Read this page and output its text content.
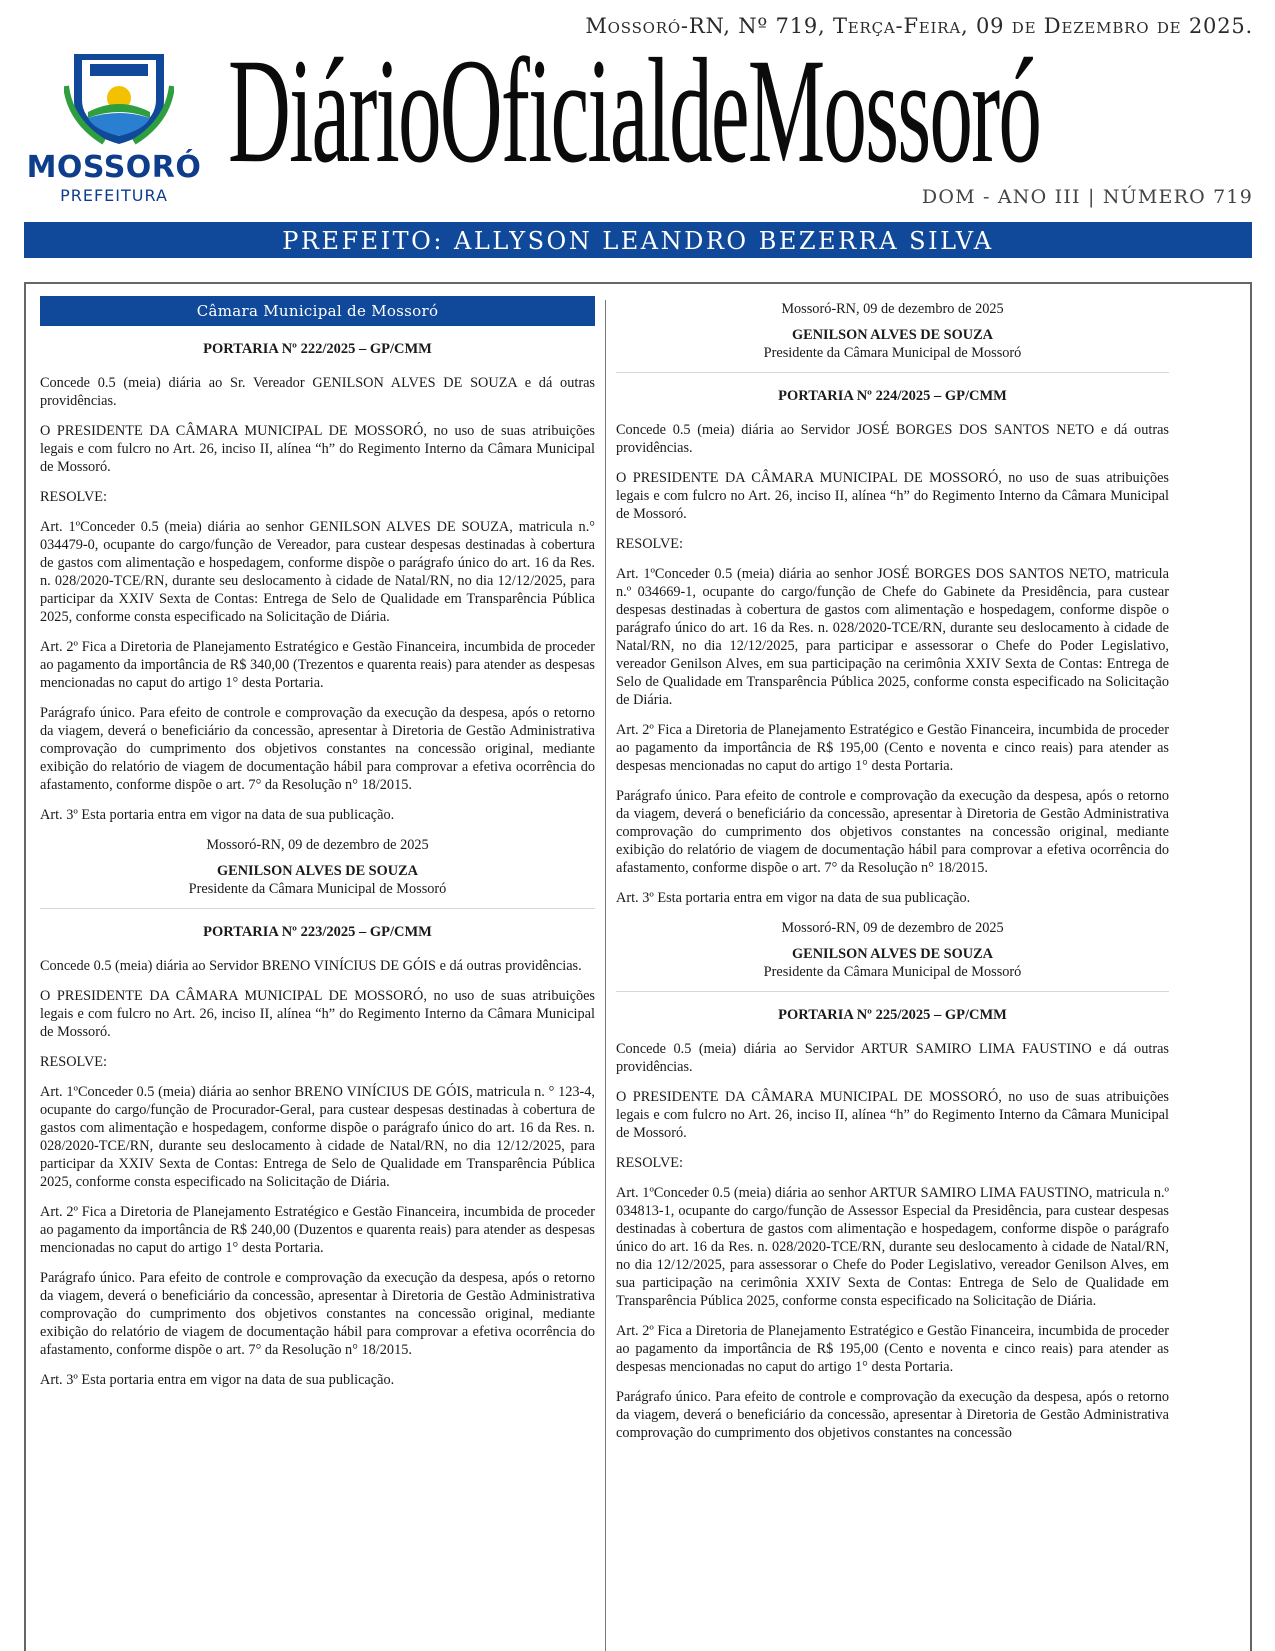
Mossoró-RN, Nº 719, Terça-Feira, 09 de Dezembro de 2025.
MOSSORÓ
PREFEITURA
DiárioOficialdeMossoró
DOM - ANO III | NÚMERO 719
PREFEITO: ALLYSON LEANDRO BEZERRA SILVA
Câmara Municipal de Mossoró
PORTARIA Nº 222/2025 – GP/CMM

Concede 0.5 (meia) diária ao Sr. Vereador GENILSON ALVES DE SOUZA e dá outras providências.

O PRESIDENTE DA CÂMARA MUNICIPAL DE MOSSORÓ, no uso de suas atribuições legais e com fulcro no Art. 26, inciso II, alínea “h” do Regimento Interno da Câmara Municipal de Mossoró.

RESOLVE:

Art. 1ºConceder 0.5 (meia) diária ao senhor GENILSON ALVES DE SOUZA, matricula n.° 034479-0, ocupante do cargo/função de Vereador, para custear despesas destinadas à cobertura de gastos com alimentação e hospedagem, conforme dispõe o parágrafo único do art. 16 da Res. n. 028/2020-TCE/RN, durante seu deslocamento à cidade de Natal/RN, no dia 12/12/2025, para participar da XXIV Sexta de Contas: Entrega de Selo de Qualidade em Transparência Pública 2025, conforme consta especificado na Solicitação de Diária.

Art. 2º Fica a Diretoria de Planejamento Estratégico e Gestão Financeira, incumbida de proceder ao pagamento da importância de R$ 340,00 (Trezentos e quarenta reais) para atender as despesas mencionadas no caput do artigo 1° desta Portaria.

Parágrafo único. Para efeito de controle e comprovação da execução da despesa, após o retorno da viagem, deverá o beneficiário da concessão, apresentar à Diretoria de Gestão Administrativa comprovação do cumprimento dos objetivos constantes na concessão original, mediante exibição do relatório de viagem de documentação hábil para comprovar a efetiva ocorrência do afastamento, conforme dispõe o art. 7° da Resolução n° 18/2015.

Art. 3º Esta portaria entra em vigor na data de sua publicação.

Mossoró-RN, 09 de dezembro de 2025

GENILSON ALVES DE SOUZA

Presidente da Câmara Municipal de Mossoró

PORTARIA Nº 223/2025 – GP/CMM

Concede 0.5 (meia) diária ao Servidor BRENO VINÍCIUS DE GÓIS e dá outras providências.

O PRESIDENTE DA CÂMARA MUNICIPAL DE MOSSORÓ, no uso de suas atribuições legais e com fulcro no Art. 26, inciso II, alínea “h” do Regimento Interno da Câmara Municipal de Mossoró.

RESOLVE:

Art. 1ºConceder 0.5 (meia) diária ao senhor BRENO VINÍCIUS DE GÓIS, matricula n. ° 123-4, ocupante do cargo/função de Procurador-Geral, para custear despesas destinadas à cobertura de gastos com alimentação e hospedagem, conforme dispõe o parágrafo único do art. 16 da Res. n. 028/2020-TCE/RN, durante seu deslocamento à cidade de Natal/RN, no dia 12/12/2025, para participar da XXIV Sexta de Contas: Entrega de Selo de Qualidade em Transparência Pública 2025, conforme consta especificado na Solicitação de Diária.

Art. 2º Fica a Diretoria de Planejamento Estratégico e Gestão Financeira, incumbida de proceder ao pagamento da importância de R$ 240,00 (Duzentos e quarenta reais) para atender as despesas mencionadas no caput do artigo 1° desta Portaria.

Parágrafo único. Para efeito de controle e comprovação da execução da despesa, após o retorno da viagem, deverá o beneficiário da concessão, apresentar à Diretoria de Gestão Administrativa comprovação do cumprimento dos objetivos constantes na concessão original, mediante exibição do relatório de viagem de documentação hábil para comprovar a efetiva ocorrência do afastamento, conforme dispõe o art. 7° da Resolução n° 18/2015.

Art. 3º Esta portaria entra em vigor na data de sua publicação.

Mossoró-RN, 09 de dezembro de 2025

GENILSON ALVES DE SOUZA

Presidente da Câmara Municipal de Mossoró

PORTARIA Nº 224/2025 – GP/CMM

Concede 0.5 (meia) diária ao Servidor JOSÉ BORGES DOS SANTOS NETO e dá outras providências.

O PRESIDENTE DA CÂMARA MUNICIPAL DE MOSSORÓ, no uso de suas atribuições legais e com fulcro no Art. 26, inciso II, alínea “h” do Regimento Interno da Câmara Municipal de Mossoró.

RESOLVE:

Art. 1ºConceder 0.5 (meia) diária ao senhor JOSÉ BORGES DOS SANTOS NETO, matricula n.º 034669-1, ocupante do cargo/função de Chefe do Gabinete da Presidência, para custear despesas destinadas à cobertura de gastos com alimentação e hospedagem, conforme dispõe o parágrafo único do art. 16 da Res. n. 028/2020-TCE/RN, durante seu deslocamento à cidade de Natal/RN, no dia 12/12/2025, para participar e assessorar o Chefe do Poder Legislativo, vereador Genilson Alves, em sua participação na cerimônia XXIV Sexta de Contas: Entrega de Selo de Qualidade em Transparência Pública 2025, conforme consta especificado na Solicitação de Diária.

Art. 2º Fica a Diretoria de Planejamento Estratégico e Gestão Financeira, incumbida de proceder ao pagamento da importância de R$ 195,00 (Cento e noventa e cinco reais) para atender as despesas mencionadas no caput do artigo 1° desta Portaria.

Parágrafo único. Para efeito de controle e comprovação da execução da despesa, após o retorno da viagem, deverá o beneficiário da concessão, apresentar à Diretoria de Gestão Administrativa comprovação do cumprimento dos objetivos constantes na concessão original, mediante exibição do relatório de viagem de documentação hábil para comprovar a efetiva ocorrência do afastamento, conforme dispõe o art. 7° da Resolução n° 18/2015.

Art. 3º Esta portaria entra em vigor na data de sua publicação.

Mossoró-RN, 09 de dezembro de 2025

GENILSON ALVES DE SOUZA

Presidente da Câmara Municipal de Mossoró

PORTARIA Nº 225/2025 – GP/CMM

Concede 0.5 (meia) diária ao Servidor ARTUR SAMIRO LIMA FAUSTINO e dá outras providências.

O PRESIDENTE DA CÂMARA MUNICIPAL DE MOSSORÓ, no uso de suas atribuições legais e com fulcro no Art. 26, inciso II, alínea “h” do Regimento Interno da Câmara Municipal de Mossoró.

RESOLVE:

Art. 1ºConceder 0.5 (meia) diária ao senhor ARTUR SAMIRO LIMA FAUSTINO, matricula n.º 034813-1, ocupante do cargo/função de Assessor Especial da Presidência, para custear despesas destinadas à cobertura de gastos com alimentação e hospedagem, conforme dispõe o parágrafo único do art. 16 da Res. n. 028/2020-TCE/RN, durante seu deslocamento à cidade de Natal/RN, no dia 12/12/2025, para assessorar o Chefe do Poder Legislativo, vereador Genilson Alves, em sua participação na cerimônia XXIV Sexta de Contas: Entrega de Selo de Qualidade em Transparência Pública 2025, conforme consta especificado na Solicitação de Diária.

Art. 2º Fica a Diretoria de Planejamento Estratégico e Gestão Financeira, incumbida de proceder ao pagamento da importância de R$ 195,00 (Cento e noventa e cinco reais) para atender as despesas mencionadas no caput do artigo 1° desta Portaria.

Parágrafo único. Para efeito de controle e comprovação da execução da despesa, após o retorno da viagem, deverá o beneficiário da concessão, apresentar à Diretoria de Gestão Administrativa comprovação do cumprimento dos objetivos constantes na concessão
